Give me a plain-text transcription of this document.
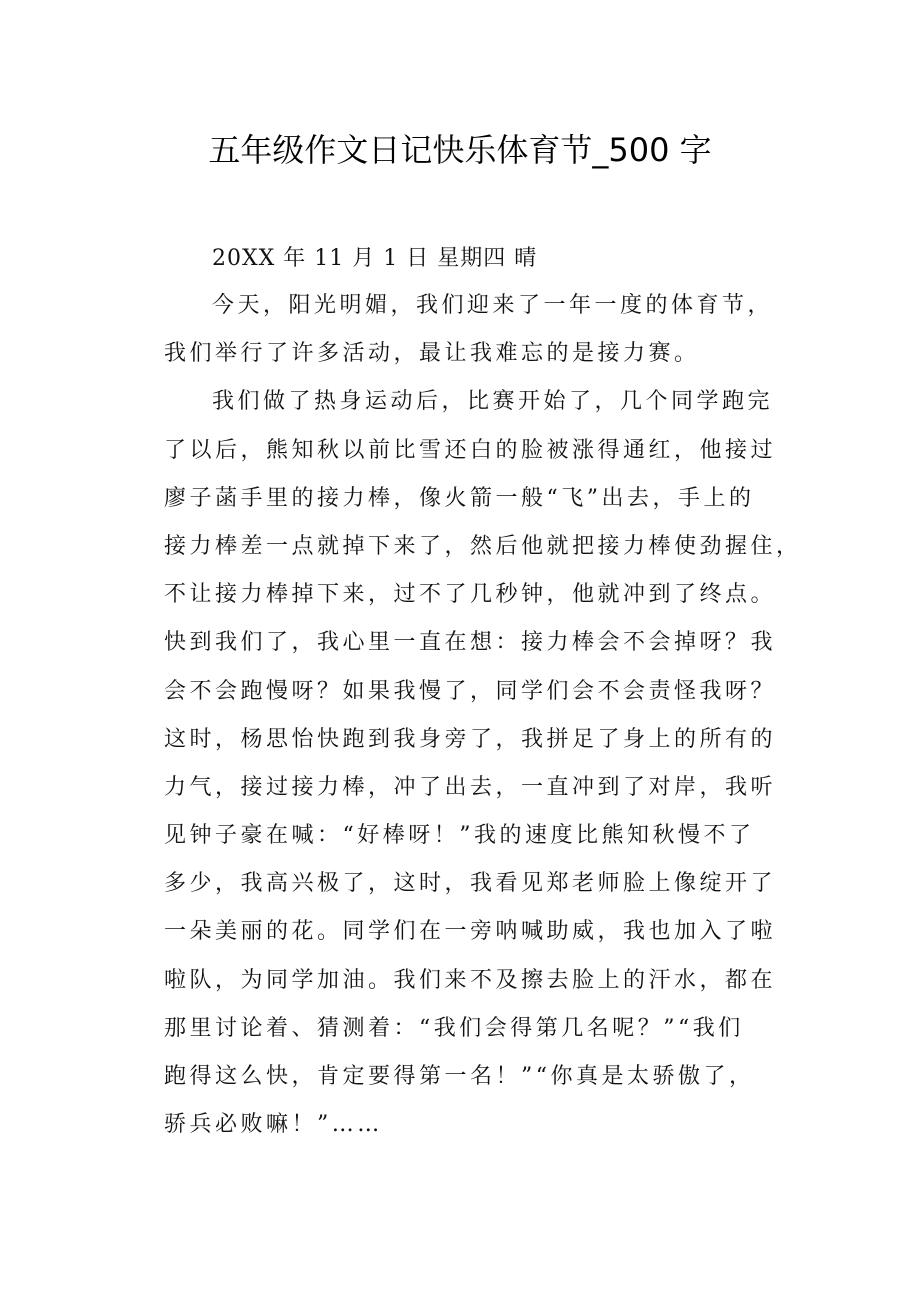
五年级作文日记快乐体育节_500 字
20XX 年 11 月 1 日 星期四 晴
今天，阳光明媚，我们迎来了一年一度的体育节，
我们举行了许多活动，最让我难忘的是接力赛。
我们做了热身运动后，比赛开始了，几个同学跑完
了以后，熊知秋以前比雪还白的脸被涨得通红，他接过
廖子菡手里的接力棒，像火箭一般“飞”出去，手上的
接力棒差一点就掉下来了，然后他就把接力棒使劲握住，
不让接力棒掉下来，过不了几秒钟，他就冲到了终点。
快到我们了，我心里一直在想：接力棒会不会掉呀？我
会不会跑慢呀？如果我慢了，同学们会不会责怪我呀？
这时，杨思怡快跑到我身旁了，我拼足了身上的所有的
力气，接过接力棒，冲了出去，一直冲到了对岸，我听
见钟子豪在喊：“好棒呀！”我的速度比熊知秋慢不了
多少，我高兴极了，这时，我看见郑老师脸上像绽开了
一朵美丽的花。同学们在一旁呐喊助威，我也加入了啦
啦队，为同学加油。我们来不及擦去脸上的汗水，都在
那里讨论着、猜测着：“我们会得第几名呢？”“我们
跑得这么快，肯定要得第一名！”“你真是太骄傲了，
骄兵必败嘛！”……
